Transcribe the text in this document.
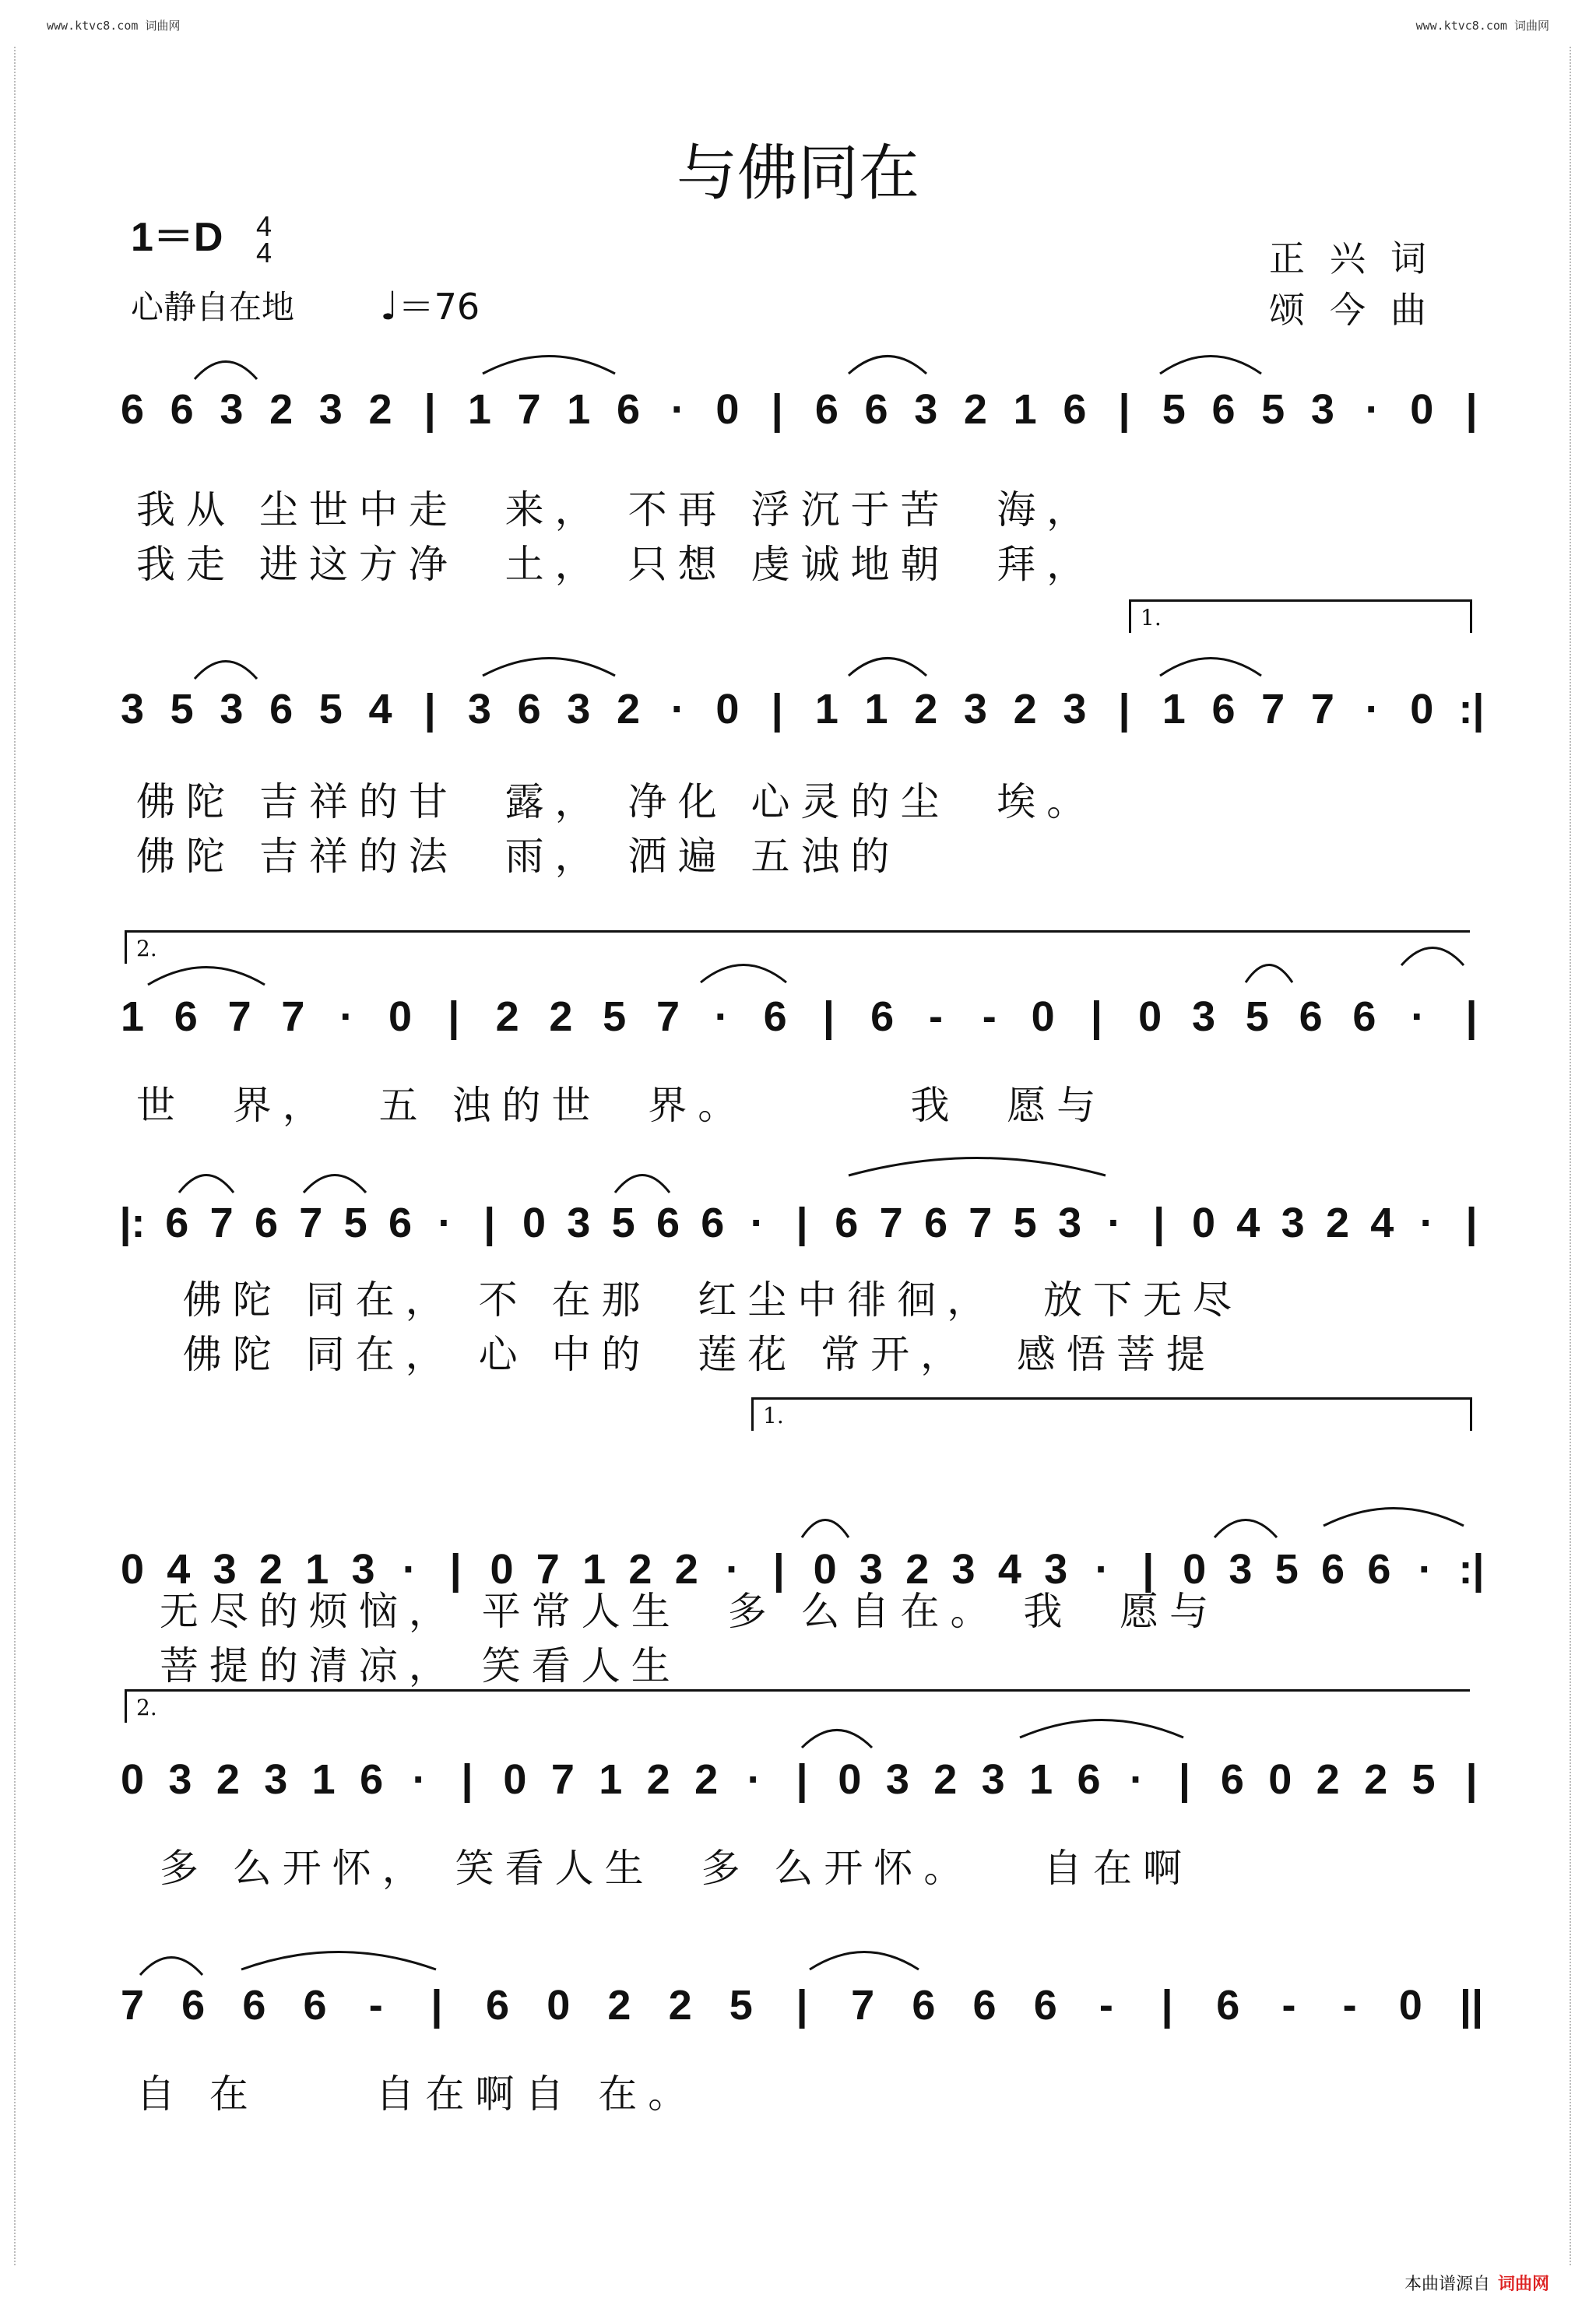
www.ktvc8.com 词曲网	www.ktvc8.com 词曲网
与佛同在
1＝D 4
4
心静自在地 ♩＝76
正兴词
颂今曲
6 6 3 2 3 2 | 1 7 1 6 · 0 | 6 6 3 2 1 6 | 5 6 5 3 · 0 |
我从 尘世中走  来， 不再 浮沉于苦  海，
我走 进这方净  土， 只想 虔诚地朝  拜，
3 5 3 6 5 4 | 3 6 3 2 · 0 | 1 1 2 3 2 3 | 1 6 7 7 · 0 :|
佛陀 吉祥的甘  露， 净化 心灵的尘  埃。
佛陀 吉祥的法  雨， 洒遍 五浊的
1.
1 6 7 7 · 0 | 2 2 5 7 · 6 | 6 - - 0 | 0 3 5 6 6 · |
世  界，  五 浊的世  界。       我  愿与
2.
|: 6 7 6 7 5 6 · | 0 3 5 6 6 · | 6 7 6 7 5 3 · | 0 4 3 2 4 · |
佛陀 同在， 不 在那  红尘中徘徊，  放下无尽
佛陀 同在， 心 中的  莲花 常开，  感悟菩提
0 4 3 2 1 3 · | 0 7 1 2 2 · | 0 3 2 3 4 3 · | 0 3 5 6 6 · :|
无尽的烦恼， 平常人生  多 么自在。 我  愿与
菩提的清凉， 笑看人生
1.
0 3 2 3 1 6 · | 0 7 1 2 2 · | 0 3 2 3 1 6 · | 6 0 2 2 5 |
多 么开怀， 笑看人生  多 么开怀。   自在啊
2.
7 6 6 6 -	|	6 0 2 2 5	|	7 6 6 6 -	|	6 - - 0 ||
自 在     自在啊自 在。
本曲谱源自 词曲网
